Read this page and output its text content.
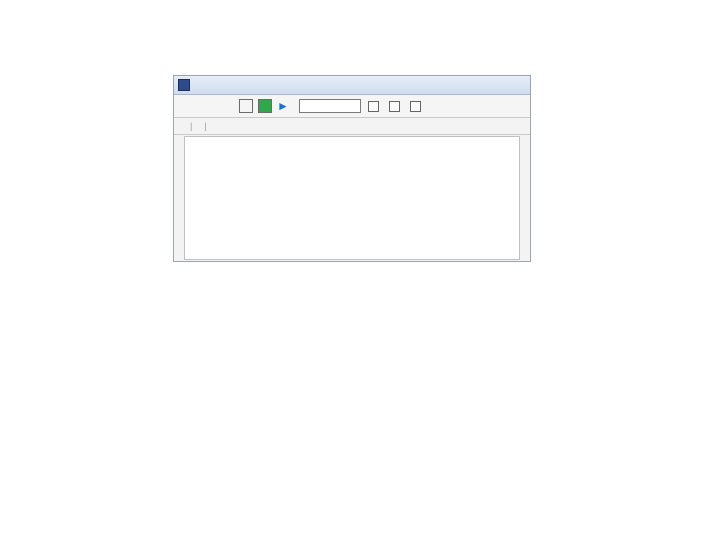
►
| |
